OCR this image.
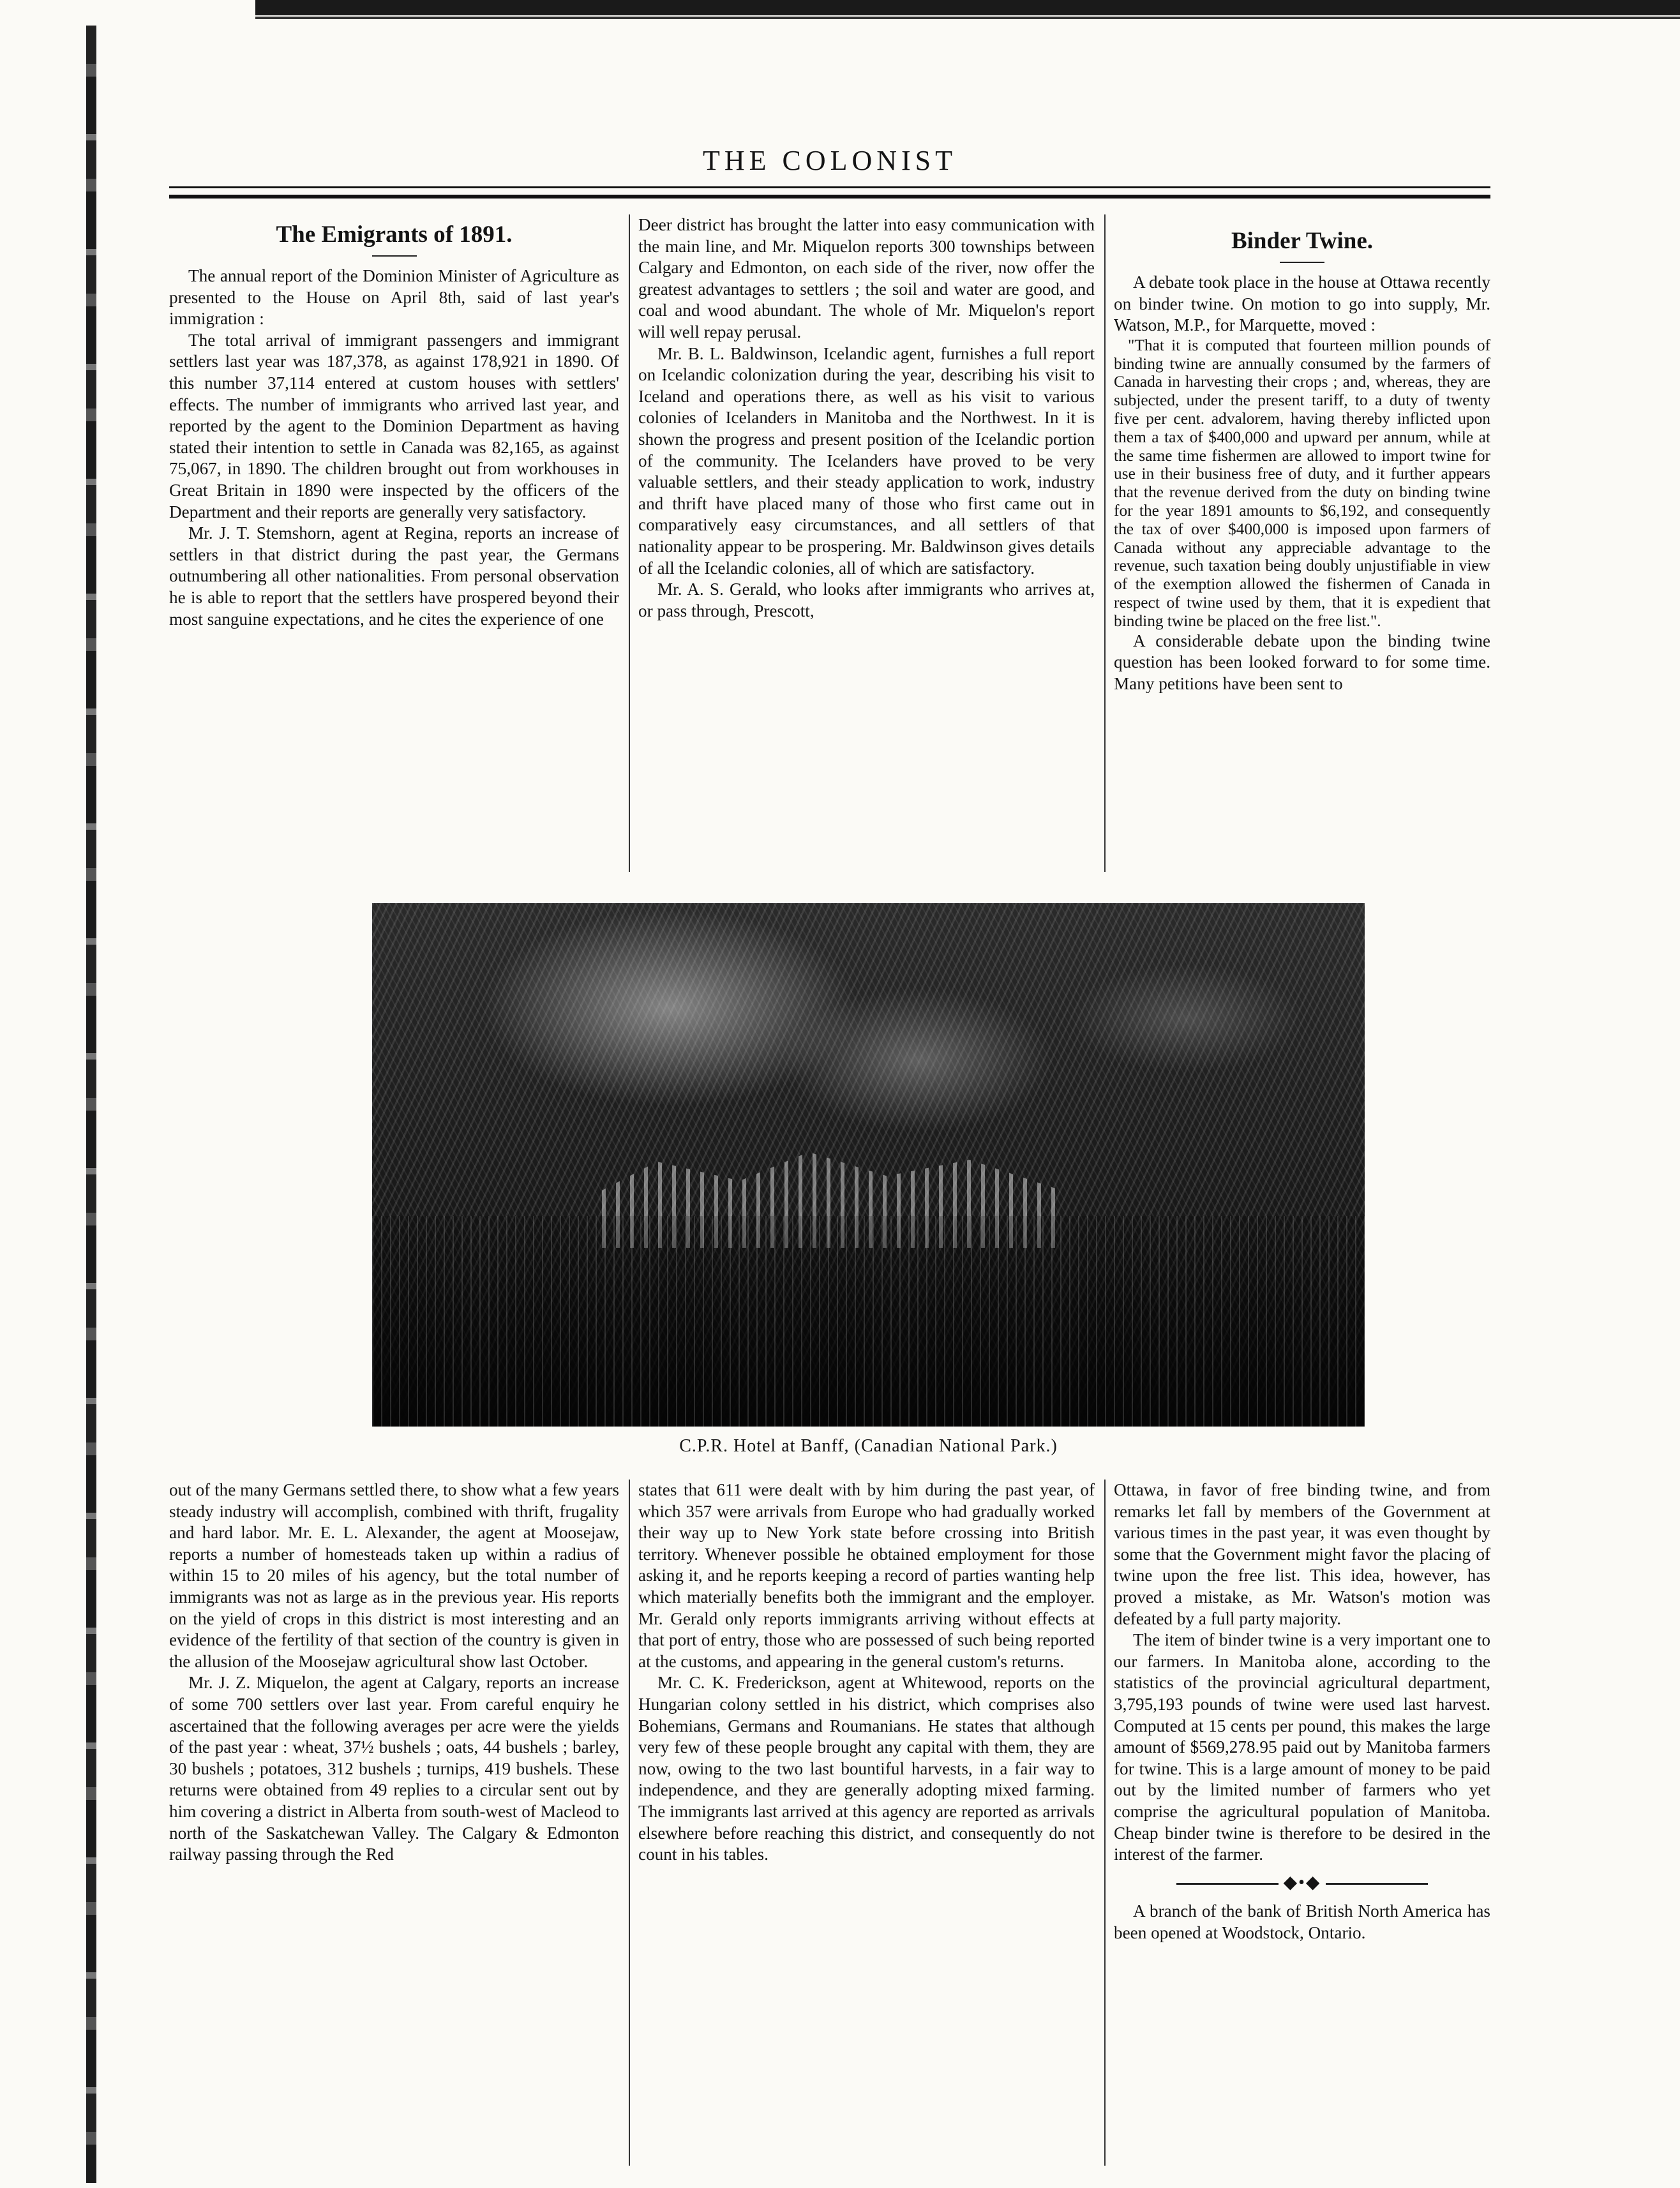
THE COLONIST
The Emigrants of 1891.

The annual report of the Dominion Minister of Agriculture as presented to the House on April 8th, said of last year's immigration :

The total arrival of immigrant passengers and immigrant settlers last year was 187,378, as against 178,921 in 1890. Of this number 37,114 entered at custom houses with settlers' effects. The number of immigrants who arrived last year, and reported by the agent to the Dominion Department as having stated their intention to settle in Canada was 82,165, as against 75,067, in 1890. The children brought out from workhouses in Great Britain in 1890 were inspected by the officers of the Department and their reports are generally very satisfactory.

Mr. J. T. Stemshorn, agent at Regina, reports an increase of settlers in that district during the past year, the Germans outnumbering all other nationalities. From personal observation he is able to report that the settlers have prospered beyond their most sanguine expectations, and he cites the experience of one

Deer district has brought the latter into easy communication with the main line, and Mr. Miquelon reports 300 townships between Calgary and Edmonton, on each side of the river, now offer the greatest advantages to settlers ; the soil and water are good, and coal and wood abundant. The whole of Mr. Miquelon's report will well repay perusal.

Mr. B. L. Baldwinson, Icelandic agent, furnishes a full report on Icelandic colonization during the year, describing his visit to Iceland and operations there, as well as his visit to various colonies of Icelanders in Manitoba and the Northwest. In it is shown the progress and present position of the Icelandic portion of the community. The Icelanders have proved to be very valuable settlers, and their steady application to work, industry and thrift have placed many of those who first came out in comparatively easy circumstances, and all settlers of that nationality appear to be prospering. Mr. Baldwinson gives details of all the Icelandic colonies, all of which are satisfactory.

Mr. A. S. Gerald, who looks after immigrants who arrives at, or pass through, Prescott,

Binder Twine.

A debate took place in the house at Ottawa recently on binder twine. On motion to go into supply, Mr. Watson, M.P., for Marquette, moved :

"That it is computed that fourteen million pounds of binding twine are annually consumed by the farmers of Canada in harvesting their crops ; and, whereas, they are subjected, under the present tariff, to a duty of twenty five per cent. advalorem, having thereby inflicted upon them a tax of $400,000 and upward per annum, while at the same time fishermen are allowed to import twine for use in their business free of duty, and it further appears that the revenue derived from the duty on binding twine for the year 1891 amounts to $6,192, and consequently the tax of over $400,000 is imposed upon farmers of Canada without any appreciable advantage to the revenue, such taxation being doubly unjustifiable in view of the exemption allowed the fishermen of Canada in respect of twine used by them, that it is expedient that binding twine be placed on the free list.".

A considerable debate upon the binding twine question has been looked forward to for some time. Many petitions have been sent to

C.P.R. Hotel at Banff, (Canadian National Park.)

out of the many Germans settled there, to show what a few years steady industry will accomplish, combined with thrift, frugality and hard labor. Mr. E. L. Alexander, the agent at Moosejaw, reports a number of homesteads taken up within a radius of within 15 to 20 miles of his agency, but the total number of immigrants was not as large as in the previous year. His reports on the yield of crops in this district is most interesting and an evidence of the fertility of that section of the country is given in the allusion of the Moosejaw agricultural show last October.

Mr. J. Z. Miquelon, the agent at Calgary, reports an increase of some 700 settlers over last year. From careful enquiry he ascertained that the following averages per acre were the yields of the past year : wheat, 37½ bushels ; oats, 44 bushels ; barley, 30 bushels ; potatoes, 312 bushels ; turnips, 419 bushels. These returns were obtained from 49 replies to a circular sent out by him covering a district in Alberta from south-west of Macleod to north of the Saskatchewan Valley. The Calgary & Edmonton railway passing through the Red

states that 611 were dealt with by him during the past year, of which 357 were arrivals from Europe who had gradually worked their way up to New York state before crossing into British territory. Whenever possible he obtained employment for those asking it, and he reports keeping a record of parties wanting help which materially benefits both the immigrant and the employer. Mr. Gerald only reports immigrants arriving without effects at that port of entry, those who are possessed of such being reported at the customs, and appearing in the general custom's returns.

Mr. C. K. Frederickson, agent at Whitewood, reports on the Hungarian colony settled in his district, which comprises also Bohemians, Germans and Roumanians. He states that although very few of these people brought any capital with them, they are now, owing to the two last bountiful harvests, in a fair way to independence, and they are generally adopting mixed farming. The immigrants last arrived at this agency are reported as arrivals elsewhere before reaching this district, and consequently do not count in his tables.

Ottawa, in favor of free binding twine, and from remarks let fall by members of the Government at various times in the past year, it was even thought by some that the Government might favor the placing of twine upon the free list. This idea, however, has proved a mistake, as Mr. Watson's motion was defeated by a full party majority.

The item of binder twine is a very important one to our farmers. In Manitoba alone, according to the statistics of the provincial agricultural department, 3,795,193 pounds of twine were used last harvest. Computed at 15 cents per pound, this makes the large amount of $569,278.95 paid out by Manitoba farmers for twine. This is a large amount of money to be paid out by the limited number of farmers who yet comprise the agricultural population of Manitoba. Cheap binder twine is therefore to be desired in the interest of the farmer.

◆•◆

A branch of the bank of British North America has been opened at Woodstock, Ontario.
